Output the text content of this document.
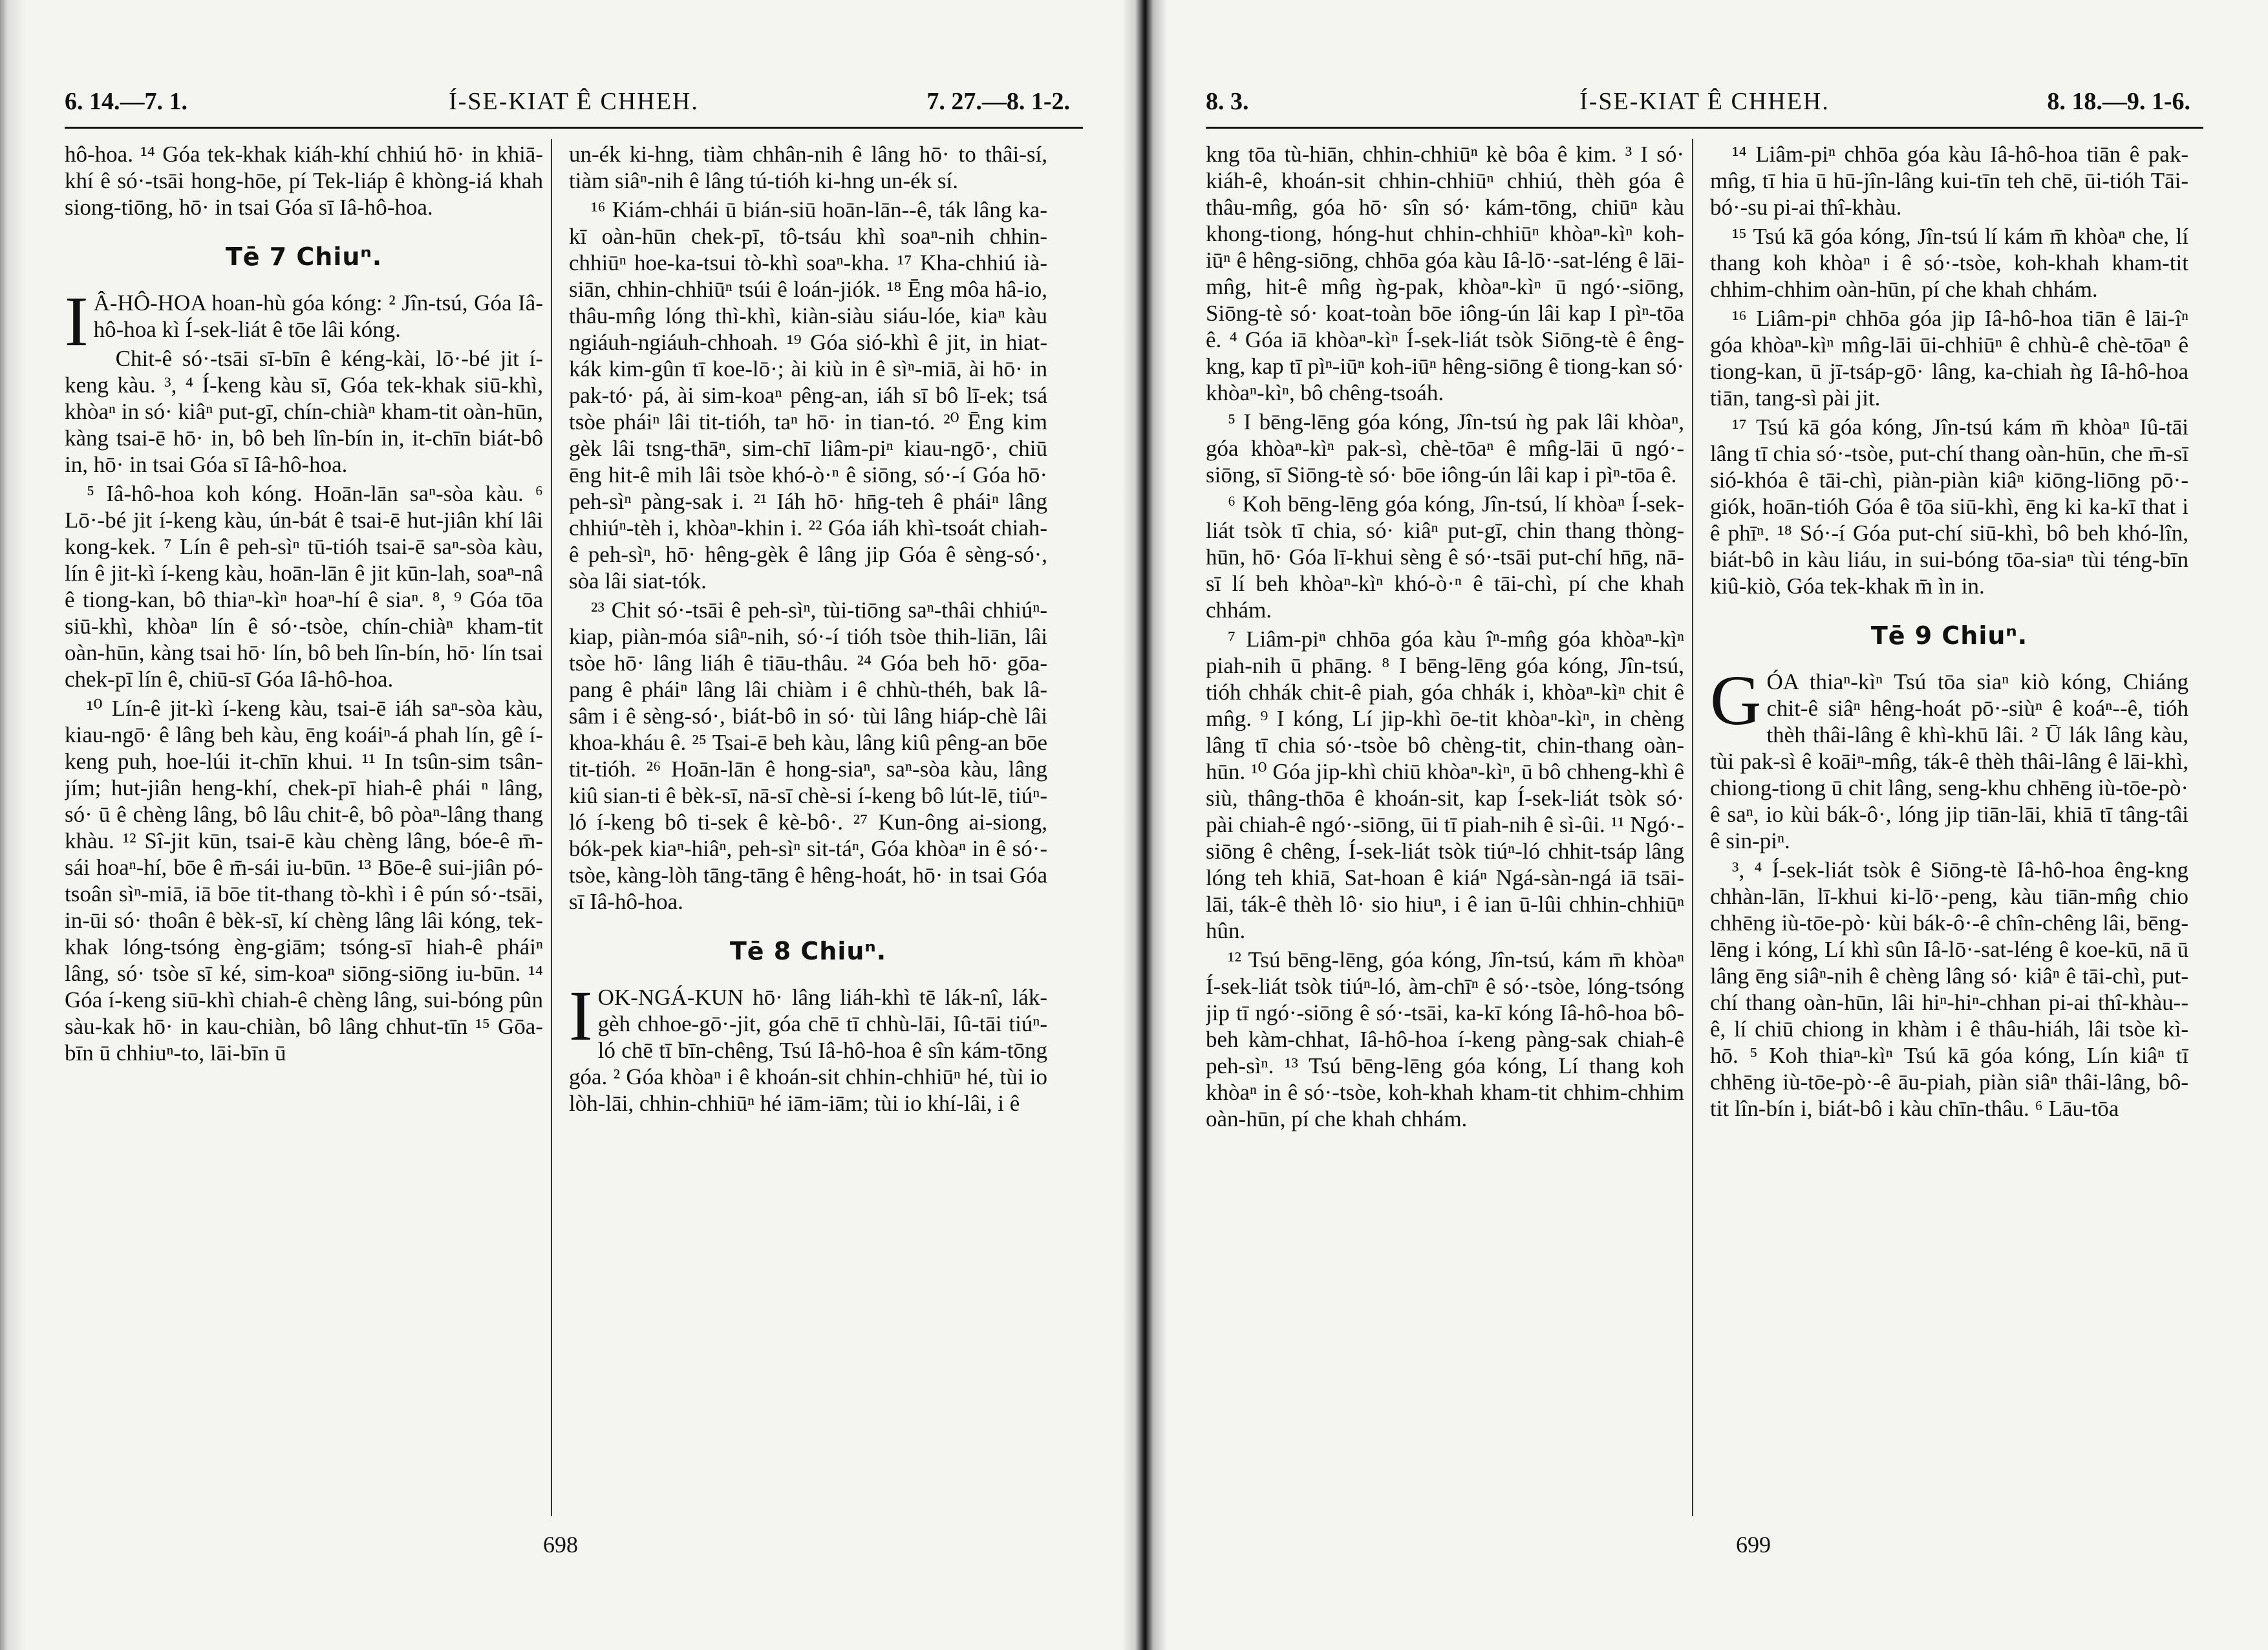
6. 14.—7. 1.	Í-SE-KIAT Ê CHHEH.	7. 27.—8. 1-2.

hô-hoa. ¹⁴ Góa tek-khak kiáh-khí chhiú hō· in khiā-khí ê só·-tsāi hong-hōe, pí Tek-liáp ê khòng-iá khah siong-tiōng, hō· in tsai Góa sī Iâ-hô-hoa.

Tē 7 Chiuⁿ.

IÂ-HÔ-HOA hoan-hù góa kóng: ² Jîn-tsú, Góa Iâ-hô-hoa kì Í-sek-liát ê tōe lâi kóng.

Chit-ê só·-tsāi sī-bīn ê kéng-kài, lō·-bé jit í-keng kàu. ³, ⁴ Í-keng kàu sī, Góa tek-khak siū-khì, khòaⁿ in só· kiâⁿ put-gī, chín-chiàⁿ kham-tit oàn-hūn, kàng tsai-ē hō· in, bô beh lîn-bín in, it-chīn biát-bô in, hō· in tsai Góa sī Iâ-hô-hoa.

⁵ Iâ-hô-hoa koh kóng. Hoān-lān saⁿ-sòa kàu. ⁶ Lō·-bé jit í-keng kàu, ún-bát ê tsai-ē hut-jiân khí lâi kong-kek. ⁷ Lín ê peh-sìⁿ tū-tióh tsai-ē saⁿ-sòa kàu, lín ê jit-kì í-keng kàu, hoān-lān ê jit kūn-lah, soaⁿ-nâ ê tiong-kan, bô thiaⁿ-kìⁿ hoaⁿ-hí ê siaⁿ. ⁸, ⁹ Góa tōa siū-khì, khòaⁿ lín ê só·-tsòe, chín-chiàⁿ kham-tit oàn-hūn, kàng tsai hō· lín, bô beh lîn-bín, hō· lín tsai chek-pī lín ê, chiū-sī Góa Iâ-hô-hoa.

¹⁰ Lín-ê jit-kì í-keng kàu, tsai-ē iáh saⁿ-sòa kàu, kiau-ngō· ê lâng beh kàu, ēng koáiⁿ-á phah lín, gê í-keng puh, hoe-lúi it-chīn khui. ¹¹ In tsûn-sim tsân-jím; hut-jiân heng-khí, chek-pī hiah-ê phái ⁿ lâng, só· ū ê chèng lâng, bô lâu chit-ê, bô pòaⁿ-lâng thang khàu. ¹² Sî-jit kūn, tsai-ē kàu chèng lâng, bóe-ê m̄-sái hoaⁿ-hí, bōe ê m̄-sái iu-būn. ¹³ Bōe-ê sui-jiân pó-tsoân sìⁿ-miā, iā bōe tit-thang tò-khì i ê pún só·-tsāi, in-ūi só· thoân ê bèk-sī, kí chèng lâng lâi kóng, tek-khak lóng-tsóng èng-giām; tsóng-sī hiah-ê pháiⁿ lâng, só· tsòe sī ké, sim-koaⁿ siōng-siōng iu-būn. ¹⁴ Góa í-keng siū-khì chiah-ê chèng lâng, sui-bóng pûn sàu-kak hō· in kau-chiàn, bô lâng chhut-tīn ¹⁵ Gōa-bīn ū chhiuⁿ-to, lāi-bīn ū

un-ék ki-hng, tiàm chhân-nih ê lâng hō· to thâi-sí, tiàm siâⁿ-nih ê lâng tú-tióh ki-hng un-ék sí.

¹⁶ Kiám-chhái ū bián-siū hoān-lān--ê, ták lâng ka-kī oàn-hūn chek-pī, tô-tsáu khì soaⁿ-nih chhin-chhiūⁿ hoe-ka-tsui tò-khì soaⁿ-kha. ¹⁷ Kha-chhiú ià-siān, chhin-chhiūⁿ tsúi ê loán-jiók. ¹⁸ Ēng môa hâ-io, thâu-mn̂g lóng thì-khì, kiàn-siàu siáu-lóe, kiaⁿ kàu ngiáuh-ngiáuh-chhoah. ¹⁹ Góa sió-khì ê jit, in hiat-kák kim-gûn tī koe-lō·; ài kiù in ê sìⁿ-miā, ài hō· in pak-tó· pá, ài sim-koaⁿ pêng-an, iáh sī bô lī-ek; tsá tsòe pháiⁿ lâi tit-tióh, taⁿ hō· in tian-tó. ²⁰ Ēng kim gèk lâi tsng-thāⁿ, sim-chī liâm-piⁿ kiau-ngō·, chiū ēng hit-ê mih lâi tsòe khó-ò·ⁿ ê siōng, só·-í Góa hō· peh-sìⁿ pàng-sak i. ²¹ Iáh hō· hn̄g-teh ê pháiⁿ lâng chhiúⁿ-tèh i, khòaⁿ-khin i. ²² Góa iáh khì-tsoát chiah-ê peh-sìⁿ, hō· hêng-gèk ê lâng jip Góa ê sèng-só·, sòa lâi siat-tók.

²³ Chit só·-tsāi ê peh-sìⁿ, tùi-tiōng saⁿ-thâi chhiúⁿ-kiap, piàn-móa siâⁿ-nih, só·-í tióh tsòe thih-liān, lâi tsòe hō· lâng liáh ê tiāu-thâu. ²⁴ Góa beh hō· gōa-pang ê pháiⁿ lâng lâi chiàm i ê chhù-théh, bak lâ-sâm i ê sèng-só·, biát-bô in só· tùi lâng hiáp-chè lâi khoa-kháu ê. ²⁵ Tsai-ē beh kàu, lâng kiû pêng-an bōe tit-tióh. ²⁶ Hoān-lān ê hong-siaⁿ, saⁿ-sòa kàu, lâng kiû sian-ti ê bèk-sī, nā-sī chè-si í-keng bô lút-lē, tiúⁿ-ló í-keng bô ti-sek ê kè-bô·. ²⁷ Kun-ông ai-siong, bók-pek kiaⁿ-hiâⁿ, peh-sìⁿ sit-táⁿ, Góa khòaⁿ in ê só·-tsòe, kàng-lòh tāng-tāng ê hêng-hoát, hō· in tsai Góa sī Iâ-hô-hoa.

Tē 8 Chiuⁿ.

IOK-NGÁ-KUN hō· lâng liáh-khì tē lák-nî, lák-gèh chhoe-gō·-jit, góa chē tī chhù-lāi, Iû-tāi tiúⁿ-ló chē tī bīn-chêng, Tsú Iâ-hô-hoa ê sîn kám-tōng góa. ² Góa khòaⁿ i ê khoán-sit chhin-chhiūⁿ hé, tùi io lòh-lāi, chhin-chhiūⁿ hé iām-iām; tùi io khí-lâi, i ê

698
8. 3.	Í-SE-KIAT Ê CHHEH.	8. 18.—9. 1-6.

kng tōa tù-hiān, chhin-chhiūⁿ kè bôa ê kim. ³ I só· kiáh-ê, khoán-sit chhin-chhiūⁿ chhiú, thèh góa ê thâu-mn̂g, góa hō· sîn só· kám-tōng, chiūⁿ kàu khong-tiong, hóng-hut chhin-chhiūⁿ khòaⁿ-kìⁿ koh-iūⁿ ê hêng-siōng, chhōa góa kàu Iâ-lō·-sat-léng ê lāi-mn̂g, hit-ê mn̂g ǹg-pak, khòaⁿ-kìⁿ ū ngó·-siōng, Siōng-tè só· koat-toàn bōe iông-ún lâi kap I pìⁿ-tōa ê. ⁴ Góa iā khòaⁿ-kìⁿ Í-sek-liát tsòk Siōng-tè ê êng-kng, kap tī pìⁿ-iūⁿ koh-iūⁿ hêng-siōng ê tiong-kan só· khòaⁿ-kìⁿ, bô chêng-tsoáh.

⁵ I bēng-lēng góa kóng, Jîn-tsú ǹg pak lâi khòaⁿ, góa khòaⁿ-kìⁿ pak-sì, chè-tōaⁿ ê mn̂g-lāi ū ngó·-siōng, sī Siōng-tè só· bōe iông-ún lâi kap i pìⁿ-tōa ê.

⁶ Koh bēng-lēng góa kóng, Jîn-tsú, lí khòaⁿ Í-sek-liát tsòk tī chia, só· kiâⁿ put-gī, chin thang thòng-hūn, hō· Góa lī-khui sèng ê só·-tsāi put-chí hn̄g, nā-sī lí beh khòaⁿ-kìⁿ khó-ò·ⁿ ê tāi-chì, pí che khah chhám.

⁷ Liâm-piⁿ chhōa góa kàu îⁿ-mn̂g góa khòaⁿ-kìⁿ piah-nih ū phāng. ⁸ I bēng-lēng góa kóng, Jîn-tsú, tióh chhák chit-ê piah, góa chhák i, khòaⁿ-kìⁿ chit ê mn̂g. ⁹ I kóng, Lí jip-khì ōe-tit khòaⁿ-kìⁿ, in chèng lâng tī chia só·-tsòe bô chèng-tit, chin-thang oàn-hūn. ¹⁰ Góa jip-khì chiū khòaⁿ-kìⁿ, ū bô chheng-khì ê siù, thâng-thōa ê khoán-sit, kap Í-sek-liát tsòk só· pài chiah-ê ngó·-siōng, ūi tī piah-nih ê sì-ûi. ¹¹ Ngó·-siōng ê chêng, Í-sek-liát tsòk tiúⁿ-ló chhit-tsáp lâng lóng teh khiā, Sat-hoan ê kiáⁿ Ngá-sàn-ngá iā tsāi-lāi, ták-ê thèh lô· sio hiuⁿ, i ê ian ū-lûi chhin-chhiūⁿ hûn.

¹² Tsú bēng-lēng, góa kóng, Jîn-tsú, kám m̄ khòaⁿ Í-sek-liát tsòk tiúⁿ-ló, àm-chīⁿ ê só·-tsòe, lóng-tsóng jip tī ngó·-siōng ê só·-tsāi, ka-kī kóng Iâ-hô-hoa bô-beh kàm-chhat, Iâ-hô-hoa í-keng pàng-sak chiah-ê peh-sìⁿ. ¹³ Tsú bēng-lēng góa kóng, Lí thang koh khòaⁿ in ê só·-tsòe, koh-khah kham-tit chhim-chhim oàn-hūn, pí che khah chhám.

¹⁴ Liâm-piⁿ chhōa góa kàu Iâ-hô-hoa tiān ê pak-mn̂g, tī hia ū hū-jîn-lâng kui-tīn teh chē, ūi-tióh Tāi-bó·-su pi-ai thî-khàu.

¹⁵ Tsú kā góa kóng, Jîn-tsú lí kám m̄ khòaⁿ che, lí thang koh khòaⁿ i ê só·-tsòe, koh-khah kham-tit chhim-chhim oàn-hūn, pí che khah chhám.

¹⁶ Liâm-piⁿ chhōa góa jip Iâ-hô-hoa tiān ê lāi-îⁿ góa khòaⁿ-kìⁿ mn̂g-lāi ūi-chhiūⁿ ê chhù-ê chè-tōaⁿ ê tiong-kan, ū jī-tsáp-gō· lâng, ka-chiah ǹg Iâ-hô-hoa tiān, tang-sì pài jit.

¹⁷ Tsú kā góa kóng, Jîn-tsú kám m̄ khòaⁿ Iû-tāi lâng tī chia só·-tsòe, put-chí thang oàn-hūn, che m̄-sī sió-khóa ê tāi-chì, piàn-piàn kiâⁿ kiōng-liōng pō·-giók, hoān-tióh Góa ê tōa siū-khì, ēng ki ka-kī that i ê phīⁿ. ¹⁸ Só·-í Góa put-chí siū-khì, bô beh khó-lîn, biát-bô in kàu liáu, in sui-bóng tōa-siaⁿ tùi téng-bīn kiû-kiò, Góa tek-khak m̄ ìn in.

Tē 9 Chiuⁿ.

GÓA thiaⁿ-kìⁿ Tsú tōa siaⁿ kiò kóng, Chiáng chit-ê siâⁿ hêng-hoát pō·-siùⁿ ê koáⁿ--ê, tióh thèh thâi-lâng ê khì-khū lâi. ² Ū lák lâng kàu, tùi pak-sì ê koāiⁿ-mn̂g, ták-ê thèh thâi-lâng ê lāi-khì, chiong-tiong ū chit lâng, seng-khu chhēng iù-tōe-pò· ê saⁿ, io kùi bák-ô·, lóng jip tiān-lāi, khiā tī tâng-tâi ê sin-piⁿ.

³, ⁴ Í-sek-liát tsòk ê Siōng-tè Iâ-hô-hoa êng-kng chhàn-lān, lī-khui ki-lō·-peng, kàu tiān-mn̂g chio chhēng iù-tōe-pò· kùi bák-ô·-ê chîn-chêng lâi, bēng-lēng i kóng, Lí khì sûn Iâ-lō·-sat-léng ê koe-kū, nā ū lâng ēng siâⁿ-nih ê chèng lâng só· kiâⁿ ê tāi-chì, put-chí thang oàn-hūn, lâi hiⁿ-hiⁿ-chhan pi-ai thî-khàu--ê, lí chiū chiong in khàm i ê thâu-hiáh, lâi tsòe kì-hō. ⁵ Koh thiaⁿ-kìⁿ Tsú kā góa kóng, Lín kiâⁿ tī chhēng iù-tōe-pò·-ê āu-piah, piàn siâⁿ thâi-lâng, bô-tit lîn-bín i, biát-bô i kàu chīn-thâu. ⁶ Lāu-tōa

699
